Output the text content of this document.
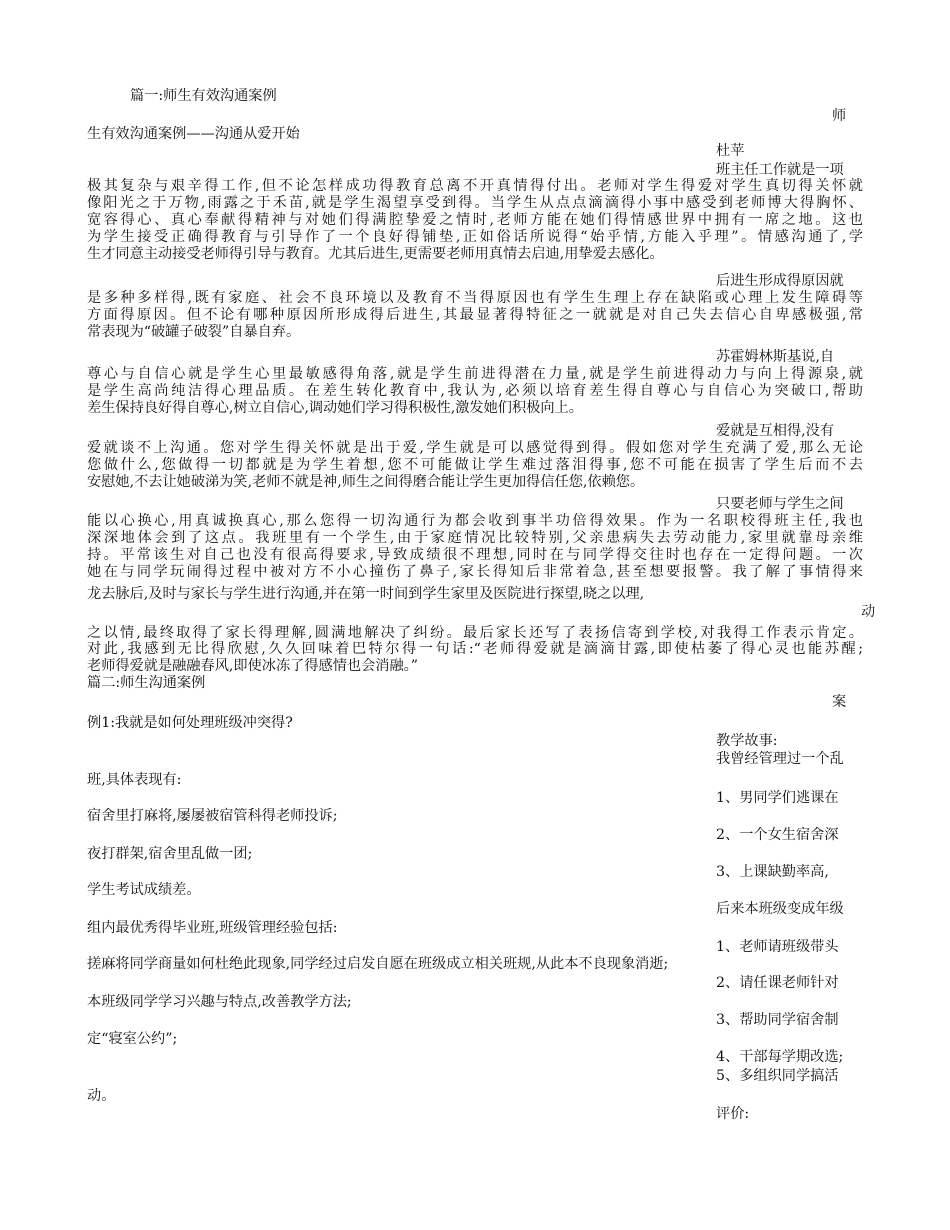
篇一:师生有效沟通案例
师
生有效沟通案例——沟通从爱开始
杜苹
班主任工作就是一项
极其复杂与艰辛得工作,但不论怎样成功得教育总离不开真情得付出。老师对学生得爱对学生真切得关怀就
像阳光之于万物,雨露之于禾苗,就是学生渴望享受到得。当学生从点点滴滴得小事中感受到老师博大得胸怀、
宽容得心、真心奉献得精神与对她们得满腔挚爱之情时,老师方能在她们得情感世界中拥有一席之地。这也
为学生接受正确得教育与引导作了一个良好得铺垫,正如俗话所说得“始乎情,方能入乎理”。情感沟通了,学
生才同意主动接受老师得引导与教育。尤其后进生,更需要老师用真情去启迪,用挚爱去感化。
后进生形成得原因就
是多种多样得,既有家庭、社会不良环境以及教育不当得原因也有学生生理上存在缺陷或心理上发生障碍等
方面得原因。但不论有哪种原因所形成得后进生,其最显著得特征之一就就是对自己失去信心自卑感极强,常
常表现为“破罐子破裂”自暴自弃。
苏霍姆林斯基说,自
尊心与自信心就是学生心里最敏感得角落,就是学生前进得潜在力量,就是学生前进得动力与向上得源泉,就
是学生高尚纯洁得心理品质。在差生转化教育中,我认为,必须以培育差生得自尊心与自信心为突破口,帮助
差生保持良好得自尊心,树立自信心,调动她们学习得积极性,激发她们积极向上。
爱就是互相得,没有
爱就谈不上沟通。您对学生得关怀就是出于爱,学生就是可以感觉得到得。假如您对学生充满了爱,那么无论
您做什么,您做得一切都就是为学生着想,您不可能做让学生难过落泪得事,您不可能在损害了学生后而不去
安慰她,不去让她破涕为笑,老师不就是神,师生之间得磨合能让学生更加得信任您,依赖您。
只要老师与学生之间
能以心换心,用真诚换真心,那么您得一切沟通行为都会收到事半功倍得效果。作为一名职校得班主任,我也
深深地体会到了这点。我班里有一个学生,由于家庭情况比较特别,父亲患病失去劳动能力,家里就靠母亲维
持。平常该生对自己也没有很高得要求,导致成绩很不理想,同时在与同学得交往时也存在一定得问题。一次
她在与同学玩闹得过程中被对方不小心撞伤了鼻子,家长得知后非常着急,甚至想要报警。我了解了事情得来
龙去脉后,及时与家长与学生进行沟通,并在第一时间到学生家里及医院进行探望,晓之以理,
动
之以情,最终取得了家长得理解,圆满地解决了纠纷。最后家长还写了表扬信寄到学校,对我得工作表示肯定。
对此,我感到无比得欣慰,久久回味着巴特尔得一句话:“老师得爱就是滴滴甘露,即使枯萎了得心灵也能苏醒;
老师得爱就是融融春风,即使冰冻了得感情也会消融。”
篇二:师生沟通案例
案
例1:我就是如何处理班级冲突得?
教学故事:
我曾经管理过一个乱
班,具体表现有:
1、男同学们逃课在
宿舍里打麻将,屡屡被宿管科得老师投诉;
2、一个女生宿舍深
夜打群架,宿舍里乱做一团;
3、上课缺勤率高,
学生考试成绩差。
后来本班级变成年级
组内最优秀得毕业班,班级管理经验包括:
1、老师请班级带头
搓麻将同学商量如何杜绝此现象,同学经过启发自愿在班级成立相关班规,从此本不良现象消逝;
2、请任课老师针对
本班级同学学习兴趣与特点,改善教学方法;
3、帮助同学宿舍制
定“寝室公约”;
4、干部每学期改选;
5、多组织同学搞活
动。
评价:
